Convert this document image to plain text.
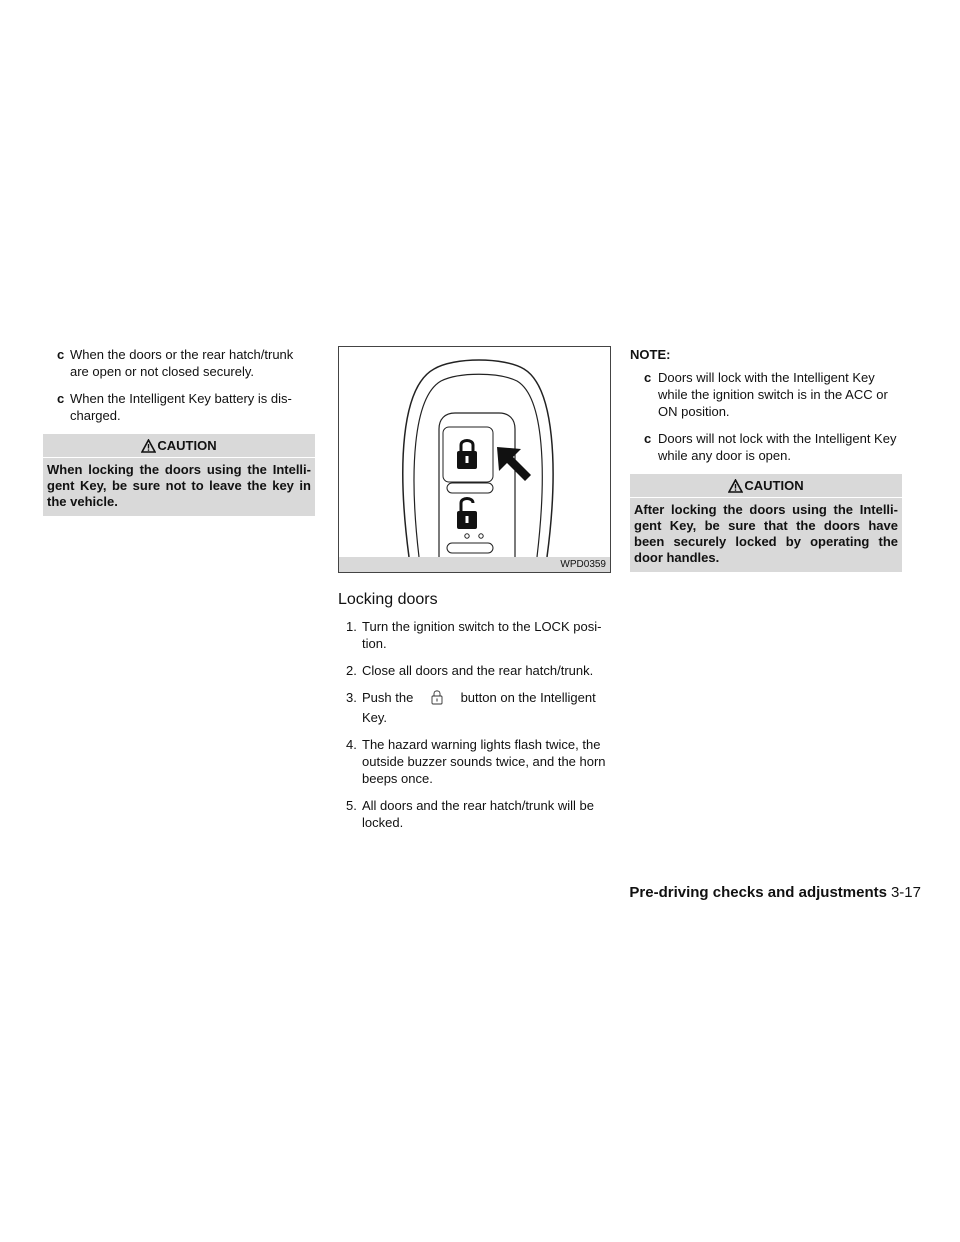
c When the doors or the rear hatch/trunk are open or not closed securely.
c When the Intelligent Key battery is dis-charged.
CAUTION
When locking the doors using the Intelli-gent Key, be sure not to leave the key in the vehicle.
WPD0359
Locking doors
1. Turn the ignition switch to the LOCK posi-tion.
2. Close all doors and the rear hatch/trunk.
3. Push the	button on the Intelligent Key.
4. The hazard warning lights flash twice, the outside buzzer sounds twice, and the horn beeps once.
5. All doors and the rear hatch/trunk will be locked.
NOTE:
c Doors will lock with the Intelligent Key while the ignition switch is in the ACC or ON position.
c Doors will not lock with the Intelligent Key while any door is open.
CAUTION
After locking the doors using the Intelli-gent Key, be sure that the doors have been securely locked by operating the door handles.
Pre-driving checks and adjustments 3-17
